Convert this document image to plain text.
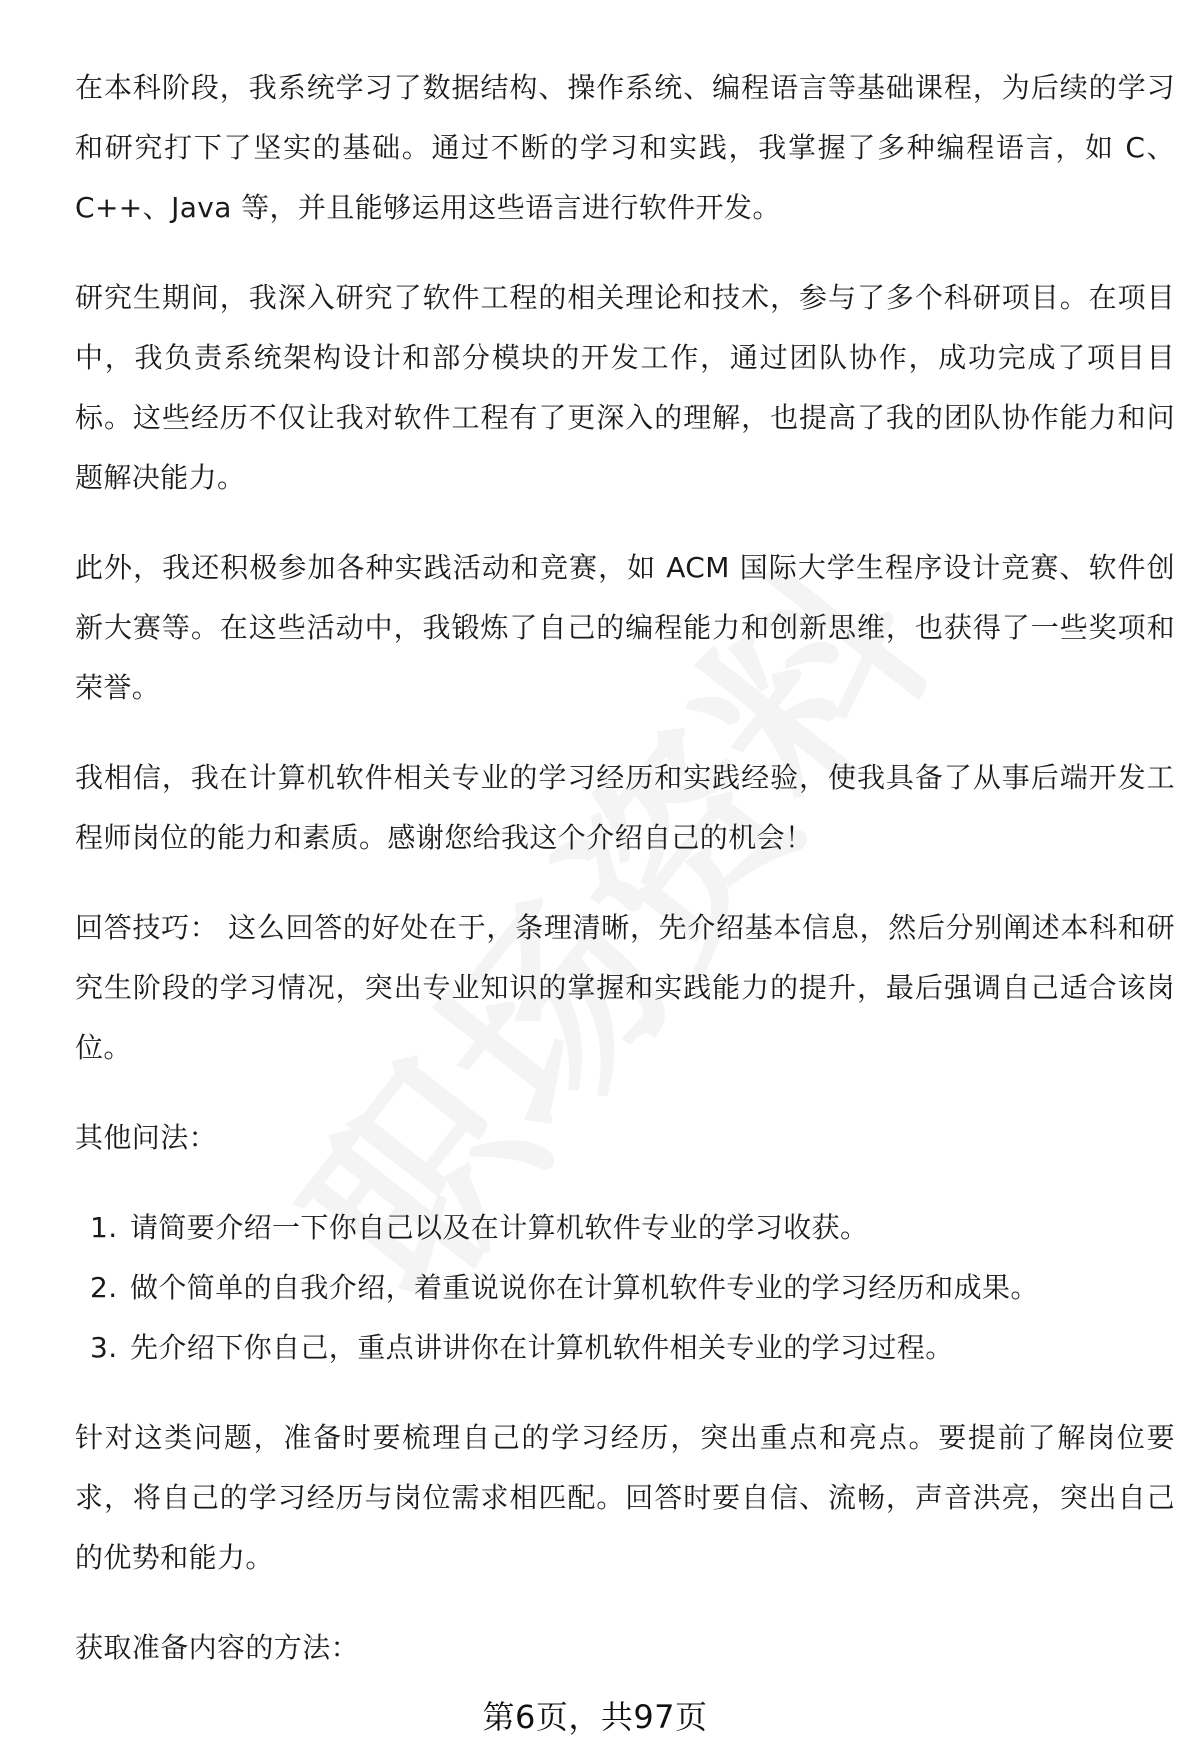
在本科阶段，我系统学习了数据结构、操作系统、编程语言等基础课程，为后续的学习和研究打下了坚实的基础。通过不断的学习和实践，我掌握了多种编程语言，如 C、C++、Java 等，并且能够运用这些语言进行软件开发。

研究生期间，我深入研究了软件工程的相关理论和技术，参与了多个科研项目。在项目中，我负责系统架构设计和部分模块的开发工作，通过团队协作，成功完成了项目目标。这些经历不仅让我对软件工程有了更深入的理解，也提高了我的团队协作能力和问题解决能力。

此外，我还积极参加各种实践活动和竞赛，如 ACM 国际大学生程序设计竞赛、软件创新大赛等。在这些活动中，我锻炼了自己的编程能力和创新思维，也获得了一些奖项和荣誉。

我相信，我在计算机软件相关专业的学习经历和实践经验，使我具备了从事后端开发工程师岗位的能力和素质。感谢您给我这个介绍自己的机会！

回答技巧： 这么回答的好处在于，条理清晰，先介绍基本信息，然后分别阐述本科和研究生阶段的学习情况，突出专业知识的掌握和实践能力的提升，最后强调自己适合该岗位。

其他问法：

1. 请简要介绍一下你自己以及在计算机软件专业的学习收获。
2. 做个简单的自我介绍，着重说说你在计算机软件专业的学习经历和成果。
3. 先介绍下你自己，重点讲讲你在计算机软件相关专业的学习过程。

针对这类问题，准备时要梳理自己的学习经历，突出重点和亮点。要提前了解岗位要求，将自己的学习经历与岗位需求相匹配。回答时要自信、流畅，声音洪亮，突出自己的优势和能力。

获取准备内容的方法：

第6页，共97页
